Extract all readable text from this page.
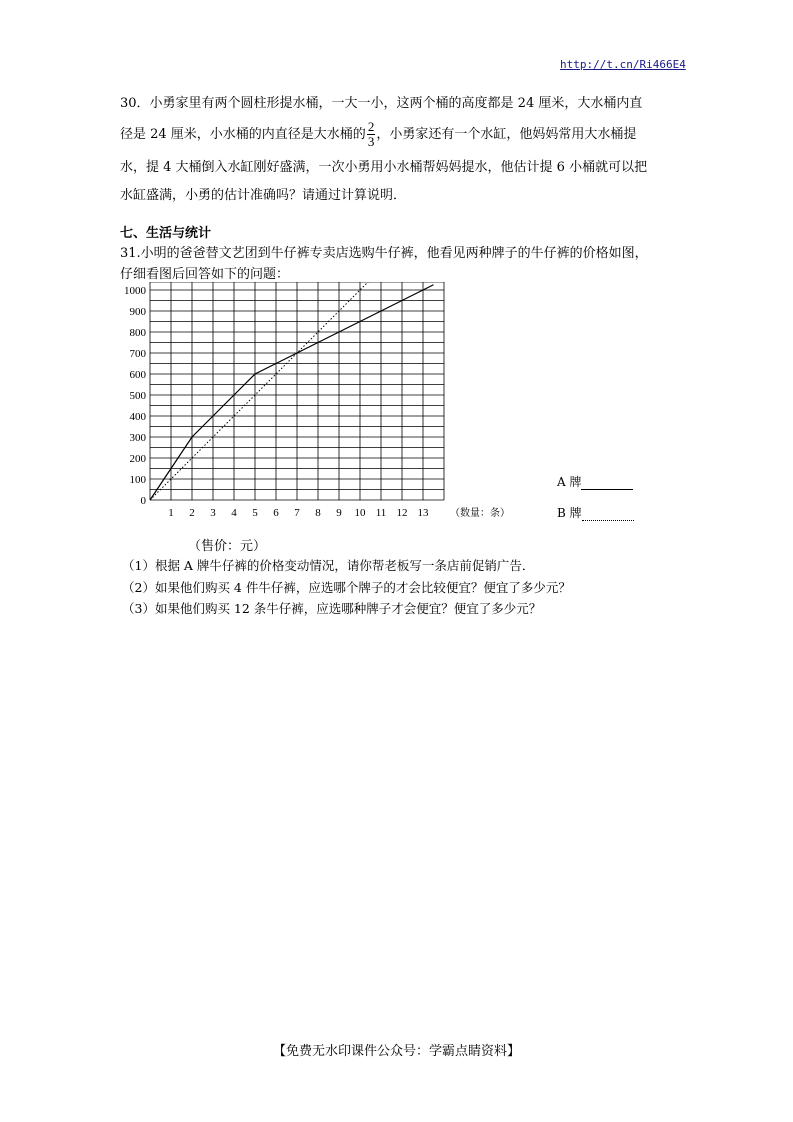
http://t.cn/Ri466E4
30．小勇家里有两个圆柱形提水桶，一大一小，这两个桶的高度都是 24 厘米，大水桶内直
径是 24 厘米，小水桶的内直径是大水桶的 $\frac{2}{3}$ ，小勇家还有一个水缸，他妈妈常用大水桶提
水，提 4 大桶倒入水缸刚好盛满，一次小勇用小水桶帮妈妈提水，他估计提 6 小桶就可以把
水缸盛满，小勇的估计准确吗？请通过计算说明．
七、生活与统计
31.小明的爸爸替文艺团到牛仔裤专卖店选购牛仔裤，他看见两种牌子的牛仔裤的价格如图，
仔细看图后回答如下的问题：
0
100
200
300
400
500
600
700
800
900
1000
1 2 3 4 5 6 7 8 9 10 11 12 13 （数量：条）
A 牌
B 牌
（售价：元）
（1）根据 A 牌牛仔裤的价格变动情况，请你帮老板写一条店前促销广告．
（2）如果他们购买 4 件牛仔裤，应选哪个牌子的才会比较便宜？便宜了多少元？
（3）如果他们购买 12 条牛仔裤，应选哪种牌子才会便宜？便宜了多少元？
【免费无水印课件公众号：学霸点睛资料】
